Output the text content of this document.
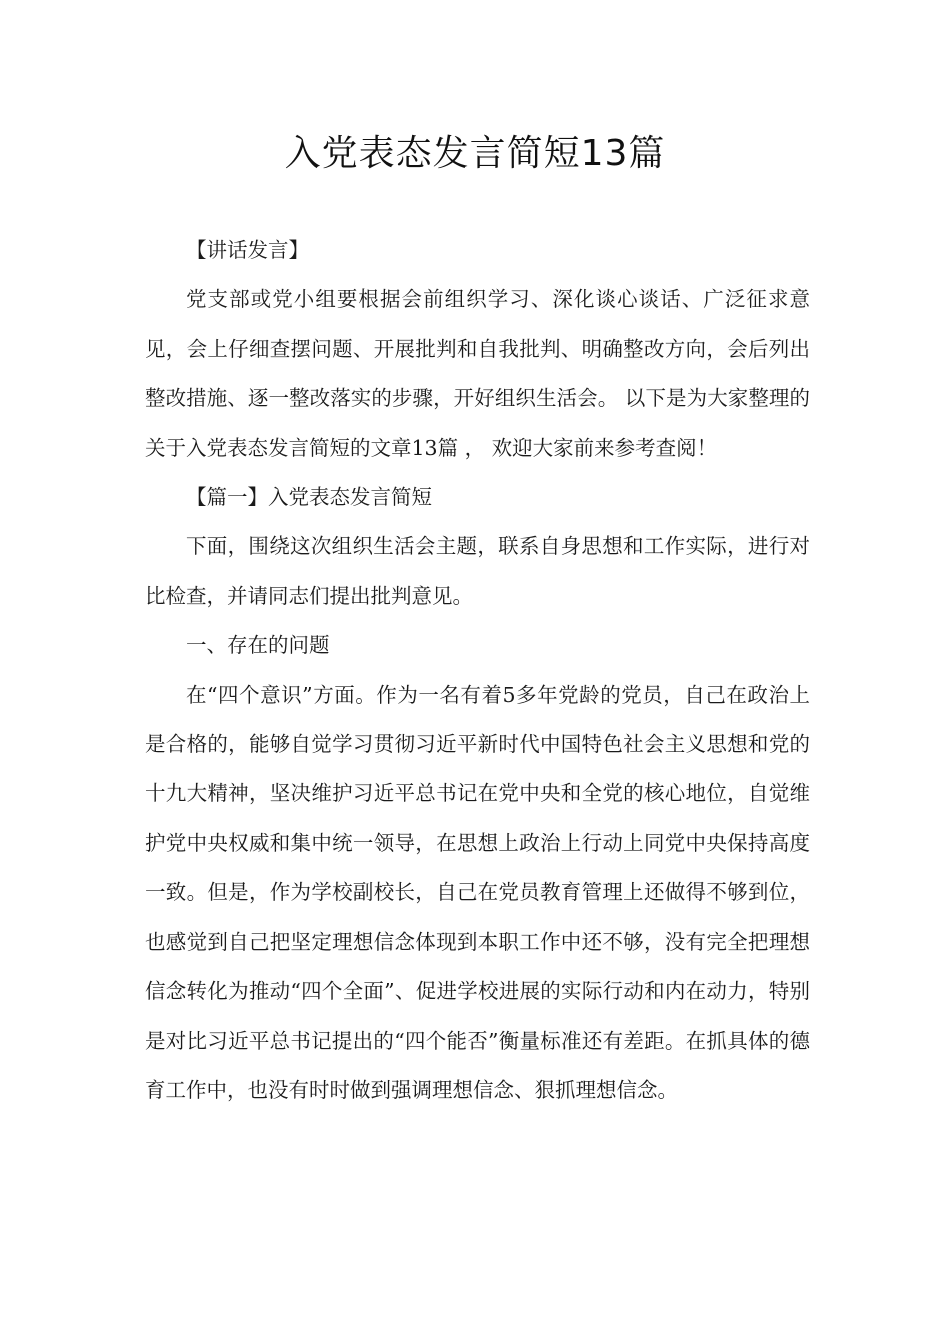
入党表态发言简短13篇

【讲话发言】

党支部或党小组要根据会前组织学习、深化谈心谈话、广泛征求意见，会上仔细查摆问题、开展批判和自我批判、明确整改方向，会后列出整改措施、逐一整改落实的步骤，开好组织生活会。 以下是为大家整理的关于入党表态发言简短的文章13篇 ， 欢迎大家前来参考查阅！

【篇一】入党表态发言简短

下面，围绕这次组织生活会主题，联系自身思想和工作实际，进行对比检查，并请同志们提出批判意见。

一、存在的问题

在“四个意识”方面。作为一名有着5多年党龄的党员，自己在政治上是合格的，能够自觉学习贯彻习近平新时代中国特色社会主义思想和党的十九大精神，坚决维护习近平总书记在党中央和全党的核心地位，自觉维护党中央权威和集中统一领导，在思想上政治上行动上同党中央保持高度一致。但是，作为学校副校长，自己在党员教育管理上还做得不够到位，也感觉到自己把坚定理想信念体现到本职工作中还不够，没有完全把理想信念转化为推动“四个全面”、促进学校进展的实际行动和内在动力，特别是对比习近平总书记提出的“四个能否”衡量标准还有差距。在抓具体的德育工作中，也没有时时做到强调理想信念、狠抓理想信念。
